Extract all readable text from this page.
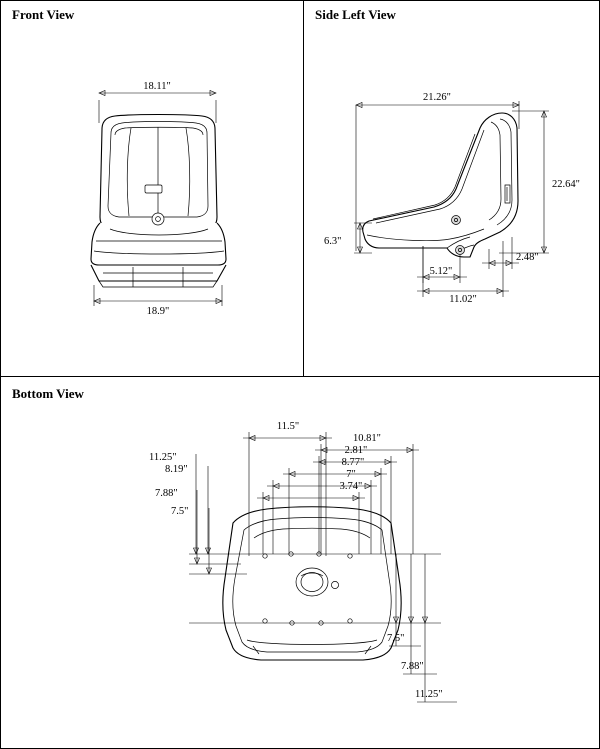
Front View
18.11"
18.9"
Side Left View
21.26"
22.64"
6.3"
2.48"
5.12"
11.02"
Bottom View
11.5"
10.81"
2.81"
8.77"
7"
3.74"
11.25"
8.19"
7.88"
7.5"
7.5"
7.88"
11.25"
